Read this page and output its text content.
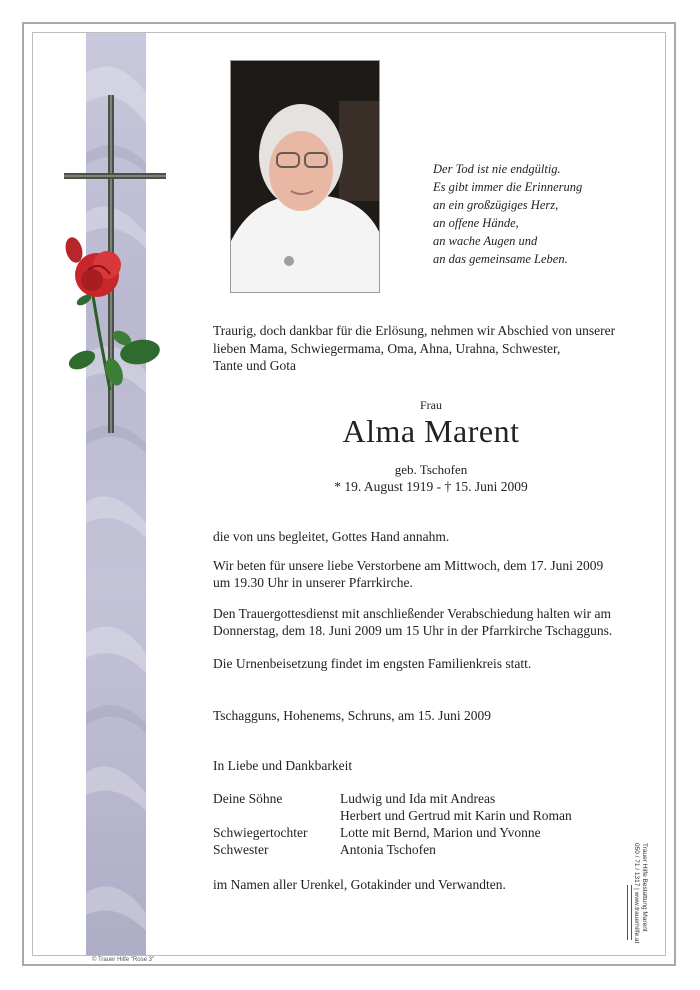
Der Tod ist nie endgültig.
Es gibt immer die Erinnerung
an ein großzügiges Herz,
an offene Hände,
an wache Augen und
an das gemeinsame Leben.
Traurig, doch dankbar für die Erlösung, nehmen wir Abschied von unserer
lieben Mama, Schwiegermama, Oma, Ahna, Urahna, Schwester,
Tante und Gota
Frau
Alma Marent
geb. Tschofen
* 19. August 1919 - † 15. Juni 2009
die von uns begleitet, Gottes Hand annahm.
Wir beten für unsere liebe Verstorbene am Mittwoch, dem 17. Juni 2009
um 19.30 Uhr in unserer Pfarrkirche.
Den Trauergottesdienst mit anschließender Verabschiedung halten wir am
Donnerstag, dem 18. Juni 2009 um 15 Uhr in der Pfarrkirche Tschagguns.
Die Urnenbeisetzung findet im engsten Familienkreis statt.
Tschagguns, Hohenems, Schruns, am 15. Juni 2009
In Liebe und Dankbarkeit
Deine Söhne	Ludwig und Ida mit Andreas
Herbert und Gertrud mit Karin und Roman
Schwiegertochter Lotte mit Bernd, Marion und Yvonne
Schwester	Antonia Tschofen
im Namen aller Urenkel, Gotakinder und Verwandten.	Trauer Hilfe Bestattung Marent
050 / 71 / 1317 | www.trauerhilfe.at
© Trauer Hilfe "Rose 3"
